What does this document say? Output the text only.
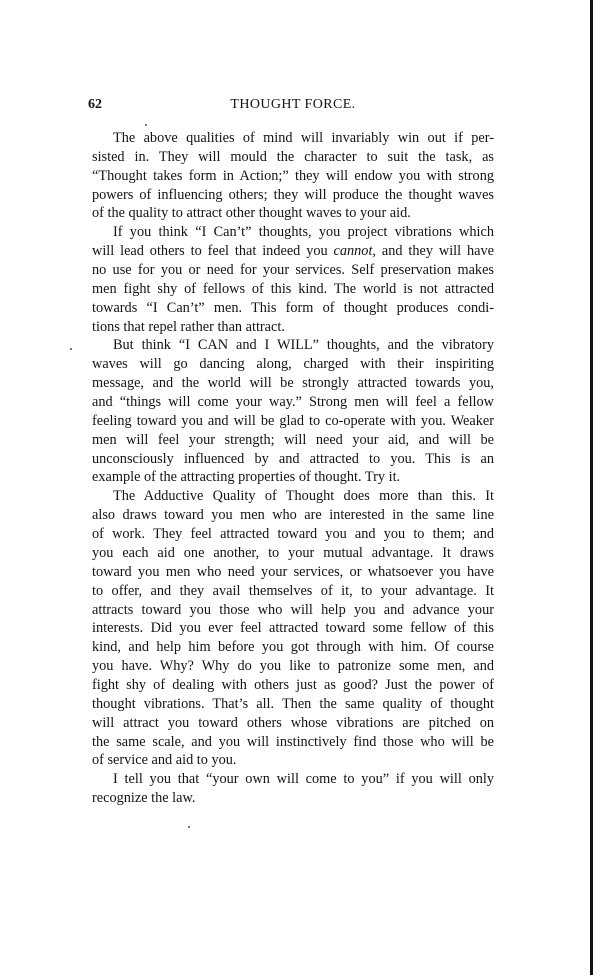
62	THOUGHT FORCE.
The above qualities of mind will invariably win out if per-
sisted in. They will mould the character to suit the task, as
“Thought takes form in Action;” they will endow you with strong
powers of influencing others; they will produce the thought waves
of the quality to attract other thought waves to your aid.
If you think “I Can’t” thoughts, you project vibrations which
will lead others to feel that indeed you cannot, and they will have
no use for you or need for your services. Self preservation makes
men fight shy of fellows of this kind. The world is not attracted
towards “I Can’t” men. This form of thought produces condi-
tions that repel rather than attract.
But think “I CAN and I WILL” thoughts, and the vibratory
waves will go dancing along, charged with their inspiriting
message, and the world will be strongly attracted towards you,
and “things will come your way.” Strong men will feel a fellow
feeling toward you and will be glad to co-operate with you. Weaker
men will feel your strength; will need your aid, and will be
unconsciously influenced by and attracted to you. This is an
example of the attracting properties of thought. Try it.
The Adductive Quality of Thought does more than this. It
also draws toward you men who are interested in the same line
of work. They feel attracted toward you and you to them; and
you each aid one another, to your mutual advantage. It draws
toward you men who need your services, or whatsoever you have
to offer, and they avail themselves of it, to your advantage. It
attracts toward you those who will help you and advance your
interests. Did you ever feel attracted toward some fellow of this
kind, and help him before you got through with him. Of course
you have. Why? Why do you like to patronize some men, and
fight shy of dealing with others just as good? Just the power of
thought vibrations. That’s all. Then the same quality of thought
will attract you toward others whose vibrations are pitched on
the same scale, and you will instinctively find those who will be
of service and aid to you.
I tell you that “your own will come to you” if you will only
recognize the law.
